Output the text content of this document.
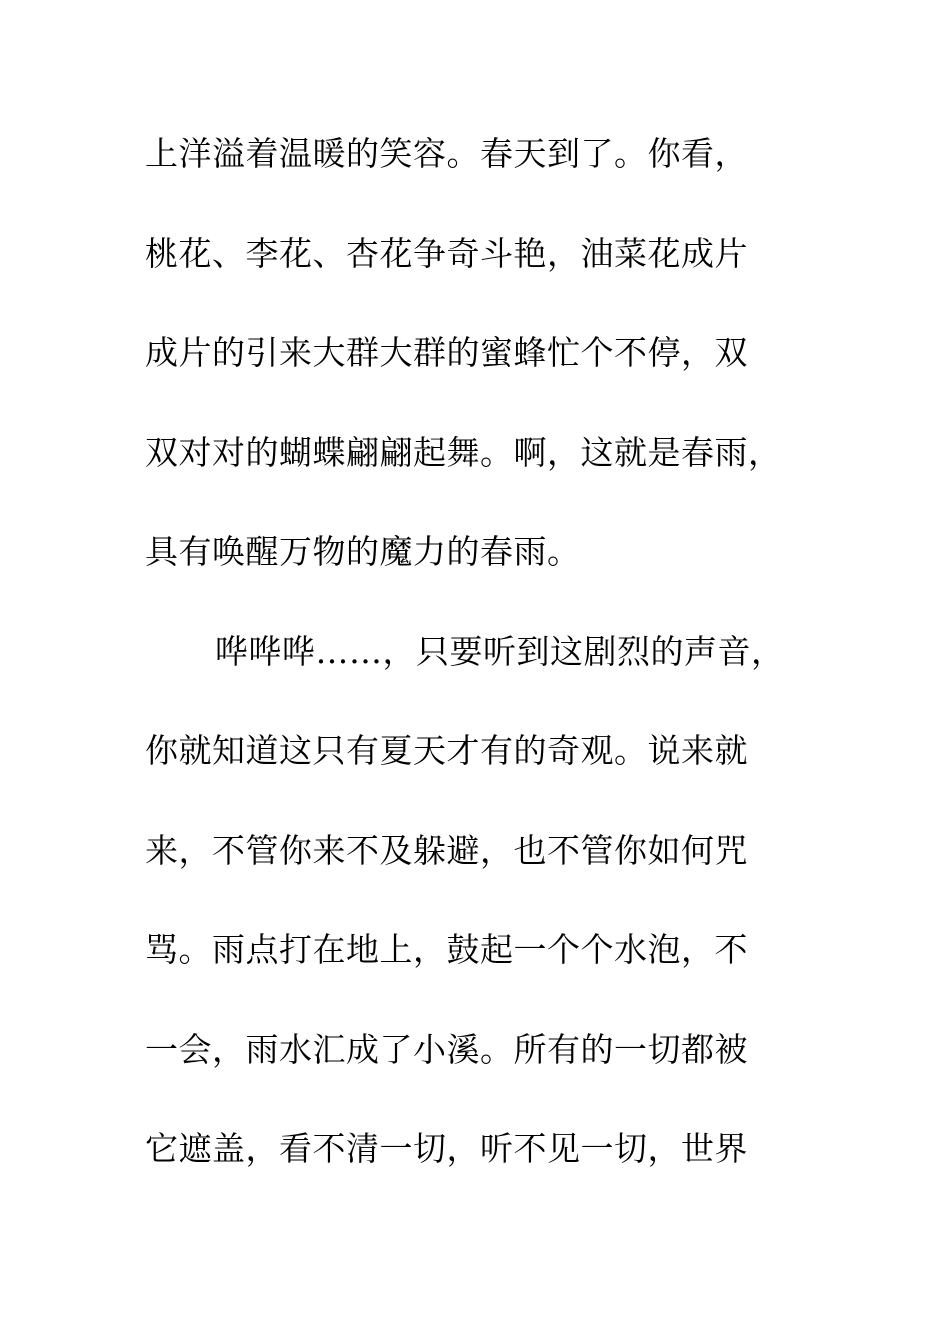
上洋溢着温暖的笑容。春天到了。你看，
桃花、李花、杏花争奇斗艳，油菜花成片
成片的引来大群大群的蜜蜂忙个不停，双
双对对的蝴蝶翩翩起舞。啊，这就是春雨，
具有唤醒万物的魔力的春雨。
哗哗哗……，只要听到这剧烈的声音，
你就知道这只有夏天才有的奇观。说来就
来，不管你来不及躲避，也不管你如何咒
骂。雨点打在地上，鼓起一个个水泡，不
一会，雨水汇成了小溪。所有的一切都被
它遮盖，看不清一切，听不见一切，世界
